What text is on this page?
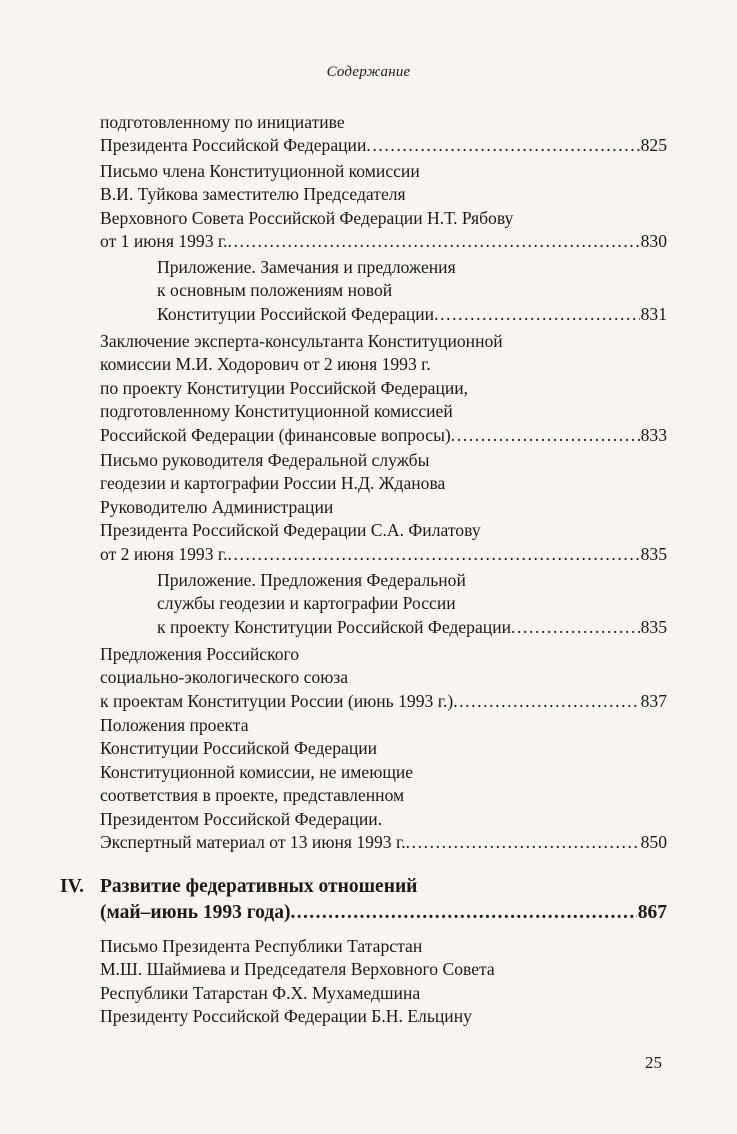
Содержание
подготовленному по инициативе
Президента Российской Федерации .....	825
Письмо члена Конституционной комиссии
В.И. Туйкова заместителю Председателя
Верховного Совета Российской Федерации Н.Т. Рябову
от 1 июня 1993 г. .....	830
Приложение. Замечания и предложения
к основным положениям новой
Конституции Российской Федерации .....	831
Заключение эксперта-консультанта Конституционной
комиссии М.И. Ходорович от 2 июня 1993 г.
по проекту Конституции Российской Федерации,
подготовленному Конституционной комиссией
Российской Федерации (финансовые вопросы) .....	833
Письмо руководителя Федеральной службы
геодезии и картографии России Н.Д. Жданова
Руководителю Администрации
Президента Российской Федерации С.А. Филатову
от 2 июня 1993 г. .....	835
Приложение. Предложения Федеральной
службы геодезии и картографии России
к проекту Конституции Российской Федерации .....	835
Предложения Российского
социально-экологического союза
к проектам Конституции России (июнь 1993 г.) .....	837
Положения проекта
Конституции Российской Федерации
Конституционной комиссии, не имеющие
соответствия в проекте, представленном
Президентом Российской Федерации.
Экспертный материал от 13 июня 1993 г. .....	850
IV. Развитие федеративных отношений
(май–июнь 1993 года) .....	867
Письмо Президента Республики Татарстан
М.Ш. Шаймиева и Председателя Верховного Совета
Республики Татарстан Ф.Х. Мухамедшина
Президенту Российской Федерации Б.Н. Ельцину
25
